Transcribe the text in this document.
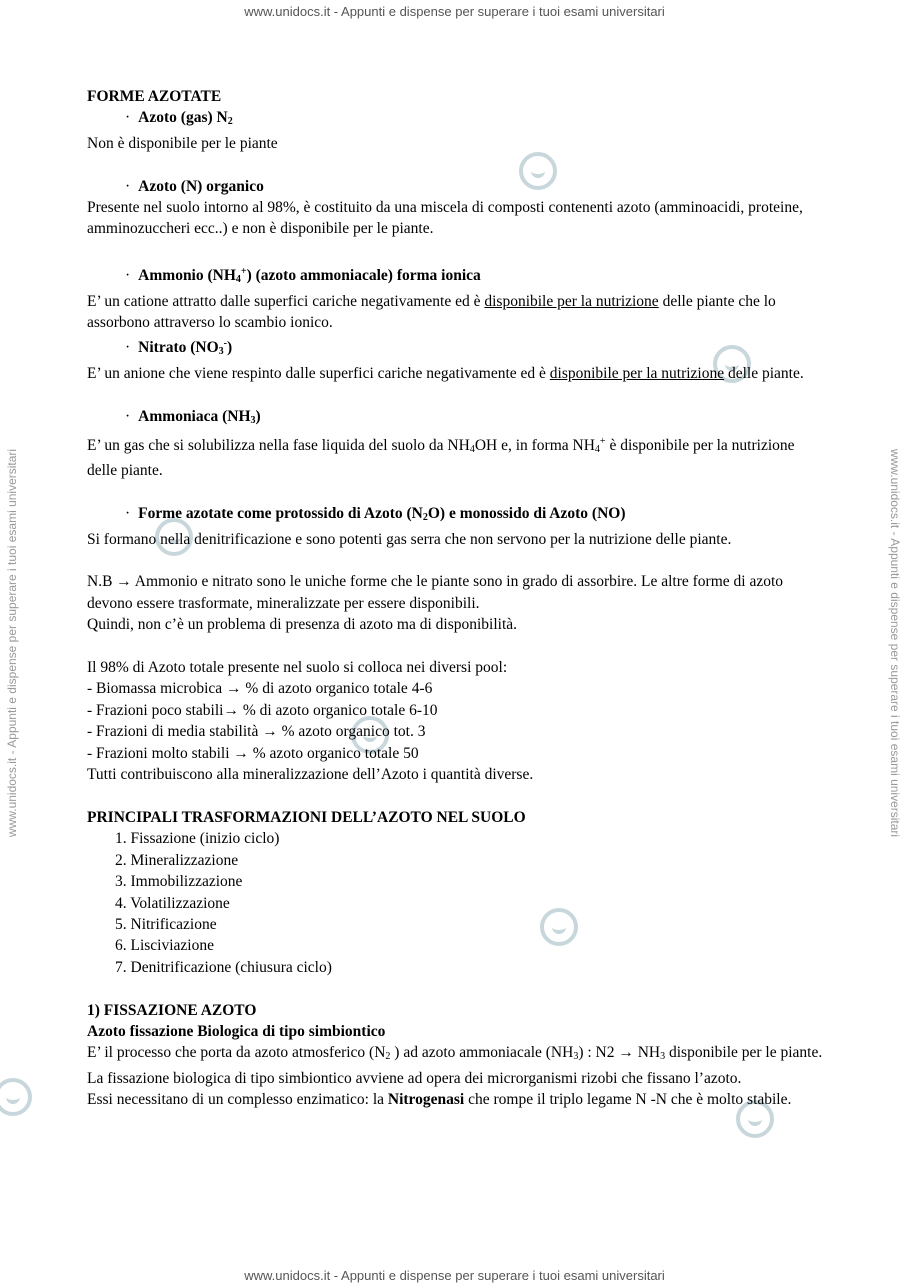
www.unidocs.it - Appunti e dispense per superare i tuoi esami universitari
www.unidocs.it - Appunti e dispense per superare i tuoi esami universitari
www.unidocs.it - Appunti e dispense per superare i tuoi esami universitari	www.unidocs.it - Appunti e dispense per superare i tuoi esami universitari

FORME AZOTATE

· Azoto (gas) N2

Non è disponibile per le piante

· Azoto (N) organico

Presente nel suolo intorno al 98%, è costituito da una miscela di composti contenenti azoto (amminoacidi, proteine, amminozuccheri ecc..) e non è disponibile per le piante.

· Ammonio (NH4+) (azoto ammoniacale) forma ionica

E’ un catione attratto dalle superfici cariche negativamente ed è disponibile per la nutrizione delle piante che lo assorbono attraverso lo scambio ionico.

· Nitrato (NO3-)

E’ un anione che viene respinto dalle superfici cariche negativamente ed è disponibile per la nutrizione delle piante.

· Ammoniaca (NH3)

E’ un gas che si solubilizza nella fase liquida del suolo da NH4OH e, in forma NH4+ è disponibile per la nutrizione delle piante.

· Forme azotate come protossido di Azoto (N2O) e monossido di Azoto (NO)

Si formano nella denitrificazione e sono potenti gas serra che non servono per la nutrizione delle piante.

N.B → Ammonio e nitrato sono le uniche forme che le piante sono in grado di assorbire. Le altre forme di azoto devono essere trasformate, mineralizzate per essere disponibili.

Quindi, non c’è un problema di presenza di azoto ma di disponibilità.

Il 98% di Azoto totale presente nel suolo si colloca nei diversi pool:

- Biomassa microbica → % di azoto organico totale 4-6

- Frazioni poco stabili→ % di azoto organico totale 6-10

- Frazioni di media stabilità → % azoto organico tot. 3

- Frazioni molto stabili → % azoto organico totale 50

Tutti contribuiscono alla mineralizzazione dell’Azoto i quantità diverse.

PRINCIPALI TRASFORMAZIONI DELL’AZOTO NEL SUOLO

1. Fissazione (inizio ciclo)

2. Mineralizzazione

3. Immobilizzazione

4. Volatilizzazione

5. Nitrificazione

6. Lisciviazione

7. Denitrificazione (chiusura ciclo)

1) FISSAZIONE AZOTO

Azoto fissazione Biologica di tipo simbiontico

E’ il processo che porta da azoto atmosferico (N2 ) ad azoto ammoniacale (NH3) : N2 → NH3 disponibile per le piante.

La fissazione biologica di tipo simbiontico avviene ad opera dei microrganismi rizobi che fissano l’azoto.

Essi necessitano di un complesso enzimatico: la Nitrogenasi che rompe il triplo legame N -N che è molto stabile.
